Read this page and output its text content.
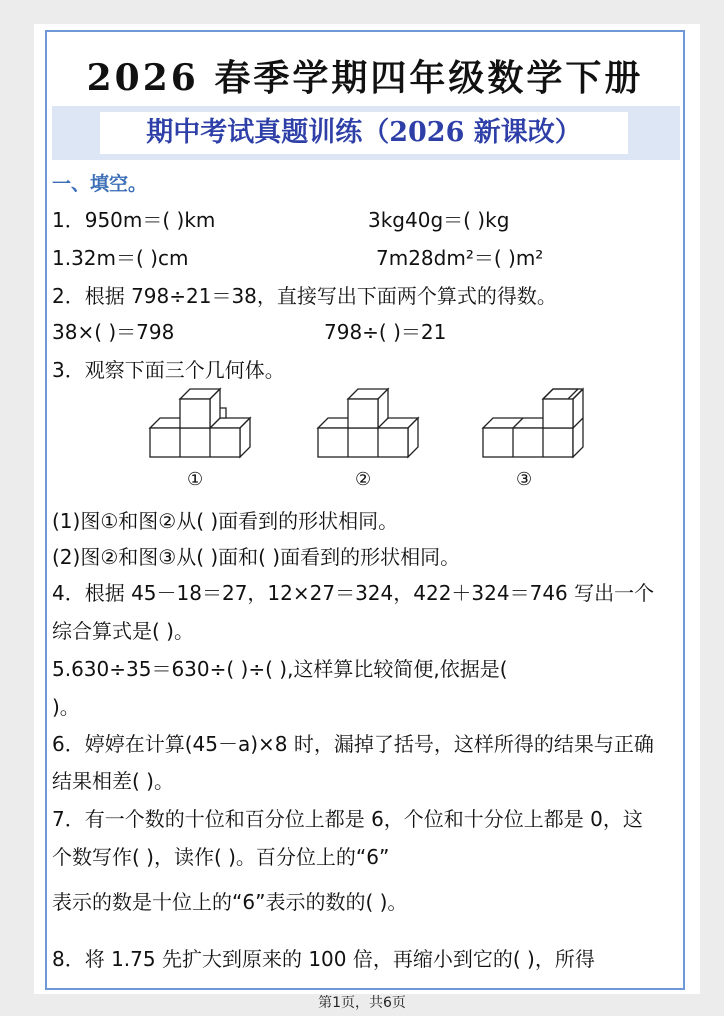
2026 春季学期四年级数学下册
期中考试真题训练（2026 新课改）
一、填空。
1．950m＝( )km	3kg40g＝( )kg
1.32m＝( )cm	7m28dm²＝( )m²
2．根据 798÷21＝38，直接写出下面两个算式的得数。
38×( )＝798	798÷( )＝21
3．观察下面三个几何体。
①	②	③
(1)图①和图②从( )面看到的形状相同。
(2)图②和图③从( )面和( )面看到的形状相同。
4．根据 45－18＝27，12×27＝324，422＋324＝746 写出一个
综合算式是( )。
5.630÷35＝630÷( )÷( ),这样算比较简便,依据是(
)。
6．婷婷在计算(45－a)×8 时，漏掉了括号，这样所得的结果与正确
结果相差( )。
7．有一个数的十位和百分位上都是 6，个位和十分位上都是 0，这
个数写作( )，读作( )。百分位上的“6”
表示的数是十位上的“6”表示的数的( )。
8．将 1.75 先扩大到原来的 100 倍，再缩小到它的( )，所得
第1页，共6页
